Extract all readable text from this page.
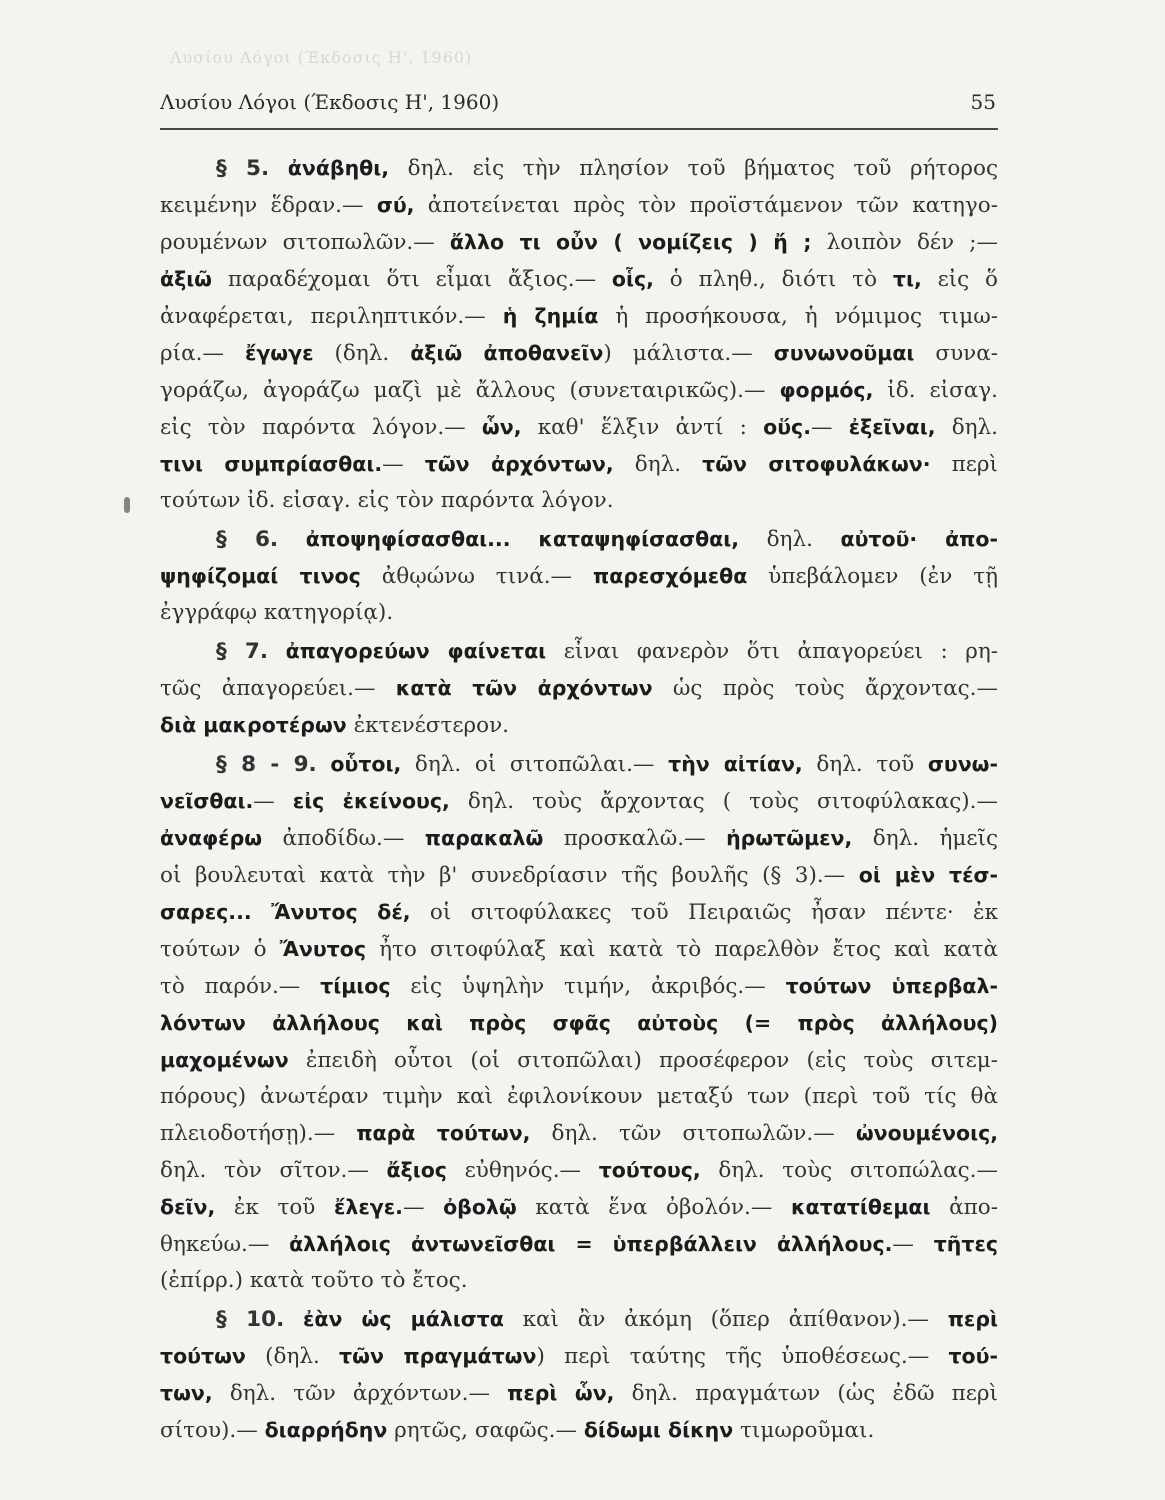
Λυσίου Λόγοι (Έκδοσις Η', 1960)
Λυσίου Λόγοι (Έκδοσις Η', 1960)	55
§ 5. ἀνάβηθι, δηλ. εἰς τὴν πλησίον τοῦ βήματος τοῦ ρήτορος
κειμένην ἕδραν.— σύ, ἀποτείνεται πρὸς τὸν προϊστάμενον τῶν κατηγο-
ρουμένων σιτοπωλῶν.— ἄλλο τι οὖν ( νομίζεις ) ἤ ; λοιπὸν δέν ;—
ἀξιῶ παραδέχομαι ὅτι εἶμαι ἄξιος.— οἷς, ὁ πληθ., διότι τὸ τι, εἰς ὅ
ἀναφέρεται, περιληπτικόν.— ἡ ζημία ἡ προσήκουσα, ἡ νόμιμος τιμω-
ρία.— ἔγωγε (δηλ. ἀξιῶ ἀποθανεῖν) μάλιστα.— συνωνοῦμαι συνα-
γοράζω, ἀγοράζω μαζὶ μὲ ἄλλους (συνεταιρικῶς).— φορμός, ἰδ. εἰσαγ.
εἰς τὸν παρόντα λόγον.— ὧν, καθ' ἕλξιν ἀντί : οὕς.— ἐξεῖναι, δηλ.
τινι συμπρίασθαι.— τῶν ἀρχόντων, δηλ. τῶν σιτοφυλάκων· περὶ
τούτων ἰδ. εἰσαγ. εἰς τὸν παρόντα λόγον.
§ 6. ἀποψηφίσασθαι... καταψηφίσασθαι, δηλ. αὐτοῦ· ἀπο-
ψηφίζομαί τινος ἀθῳώνω τινά.— παρεσχόμεθα ὑπεβάλομεν (ἐν τῇ
ἐγγράφῳ κατηγορίᾳ).
§ 7. ἀπαγορεύων φαίνεται εἶναι φανερὸν ὅτι ἀπαγορεύει : ρη-
τῶς ἀπαγορεύει.— κατὰ τῶν ἀρχόντων ὡς πρὸς τοὺς ἄρχοντας.—
διὰ μακροτέρων ἐκτενέστερον.
§ 8 - 9. οὗτοι, δηλ. οἱ σιτοπῶλαι.— τὴν αἰτίαν, δηλ. τοῦ συνω-
νεῖσθαι.— εἰς ἐκείνους, δηλ. τοὺς ἄρχοντας ( τοὺς σιτοφύλακας).—
ἀναφέρω ἀποδίδω.— παρακαλῶ προσκαλῶ.— ἠρωτῶμεν, δηλ. ἡμεῖς
οἱ βουλευταὶ κατὰ τὴν β' συνεδρίασιν τῆς βουλῆς (§ 3).— οἱ μὲν τέσ-
σαρες... Ἄνυτος δέ, οἱ σιτοφύλακες τοῦ Πειραιῶς ἦσαν πέντε· ἐκ
τούτων ὁ Ἄνυτος ἦτο σιτοφύλαξ καὶ κατὰ τὸ παρελθὸν ἔτος καὶ κατὰ
τὸ παρόν.— τίμιος εἰς ὑψηλὴν τιμήν, ἀκριβός.— τούτων ὑπερβαλ-
λόντων ἀλλήλους καὶ πρὸς σφᾶς αὐτοὺς (= πρὸς ἀλλήλους)
μαχομένων ἐπειδὴ οὗτοι (οἱ σιτοπῶλαι) προσέφερον (εἰς τοὺς σιτεμ-
πόρους) ἀνωτέραν τιμὴν καὶ ἐφιλονίκουν μεταξύ των (περὶ τοῦ τίς θὰ
πλειοδοτήσῃ).— παρὰ τούτων, δηλ. τῶν σιτοπωλῶν.— ὠνουμένοις,
δηλ. τὸν σῖτον.— ἄξιος εὐθηνός.— τούτους, δηλ. τοὺς σιτοπώλας.—
δεῖν, ἐκ τοῦ ἔλεγε.— ὀβολῷ κατὰ ἕνα ὀβολόν.— κατατίθεμαι ἀπο-
θηκεύω.— ἀλλήλοις ἀντωνεῖσθαι = ὑπερβάλλειν ἀλλήλους.— τῆτες
(ἐπίρρ.) κατὰ τοῦτο τὸ ἔτος.
§ 10. ἐὰν ὡς μάλιστα καὶ ἂν ἀκόμη (ὅπερ ἀπίθανον).— περὶ
τούτων (δηλ. τῶν πραγμάτων) περὶ ταύτης τῆς ὑποθέσεως.— τού-
των, δηλ. τῶν ἀρχόντων.— περὶ ὧν, δηλ. πραγμάτων (ὡς ἐδῶ περὶ
σίτου).— διαρρήδην ρητῶς, σαφῶς.— δίδωμι δίκην τιμωροῦμαι.
